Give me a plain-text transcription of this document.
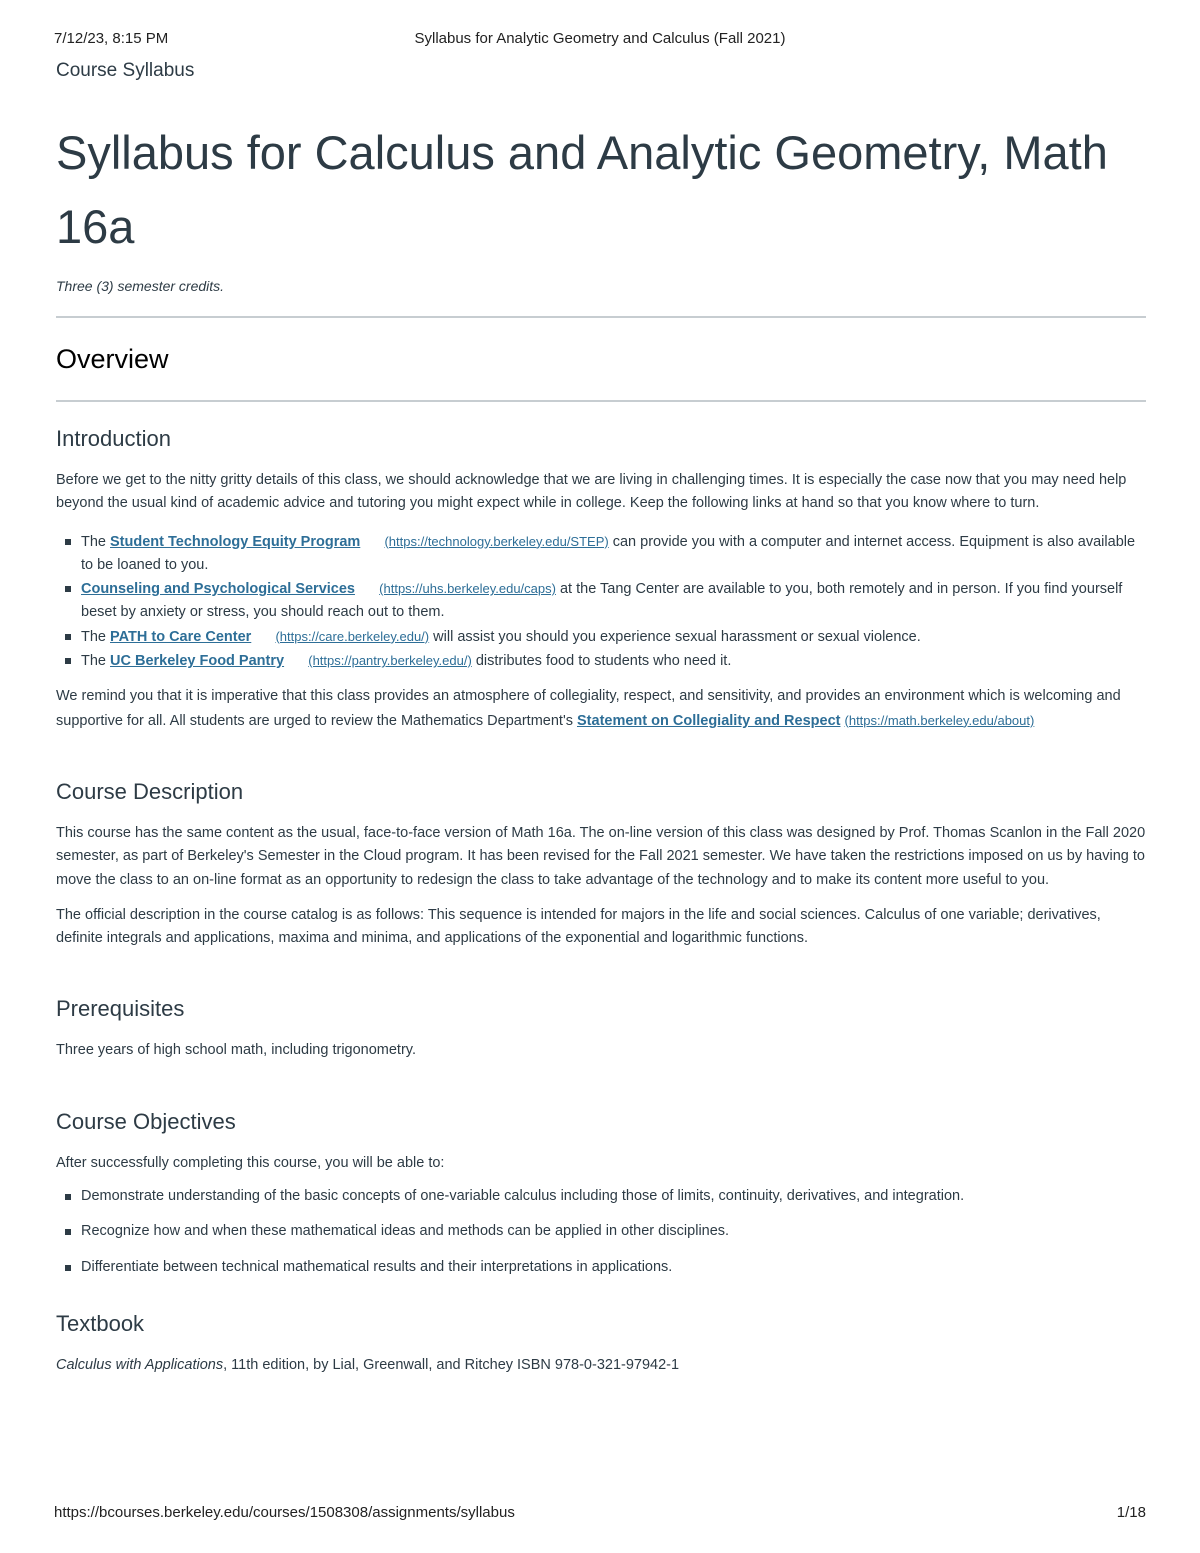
7/12/23, 8:15 PM	Syllabus for Analytic Geometry and Calculus (Fall 2021)
Course Syllabus
Syllabus for Calculus and Analytic Geometry, Math 16a
Three (3) semester credits.
Overview
Introduction

Before we get to the nitty gritty details of this class, we should acknowledge that we are living in challenging times. It is especially the case now that you may need help beyond the usual kind of academic advice and tutoring you might expect while in college. Keep the following links at hand so that you know where to turn.

The Student Technology Equity Program (https://technology.berkeley.edu/STEP) can provide you with a computer and internet access. Equipment is also available to be loaned to you.
Counseling and Psychological Services (https://uhs.berkeley.edu/caps) at the Tang Center are available to you, both remotely and in person. If you find yourself beset by anxiety or stress, you should reach out to them.
The PATH to Care Center (https://care.berkeley.edu/) will assist you should you experience sexual harassment or sexual violence.
The UC Berkeley Food Pantry (https://pantry.berkeley.edu/) distributes food to students who need it.

We remind you that it is imperative that this class provides an atmosphere of collegiality, respect, and sensitivity, and provides an environment which is welcoming and supportive for all. All students are urged to review the Mathematics Department's Statement on Collegiality and Respect (https://math.berkeley.edu/about)

Course Description

This course has the same content as the usual, face-to-face version of Math 16a. The on-line version of this class was designed by Prof. Thomas Scanlon in the Fall 2020 semester, as part of Berkeley's Semester in the Cloud program. It has been revised for the Fall 2021 semester. We have taken the restrictions imposed on us by having to move the class to an on-line format as an opportunity to redesign the class to take advantage of the technology and to make its content more useful to you.

The official description in the course catalog is as follows: This sequence is intended for majors in the life and social sciences. Calculus of one variable; derivatives, definite integrals and applications, maxima and minima, and applications of the exponential and logarithmic functions.

Prerequisites

Three years of high school math, including trigonometry.

Course Objectives

After successfully completing this course, you will be able to:

Demonstrate understanding of the basic concepts of one-variable calculus including those of limits, continuity, derivatives, and integration.
Recognize how and when these mathematical ideas and methods can be applied in other disciplines.
Differentiate between technical mathematical results and their interpretations in applications.
Textbook

Calculus with Applications, 11th edition, by Lial, Greenwall, and Ritchey ISBN 978-0-321-97942-1

https://bcourses.berkeley.edu/courses/1508308/assignments/syllabus	1/18
